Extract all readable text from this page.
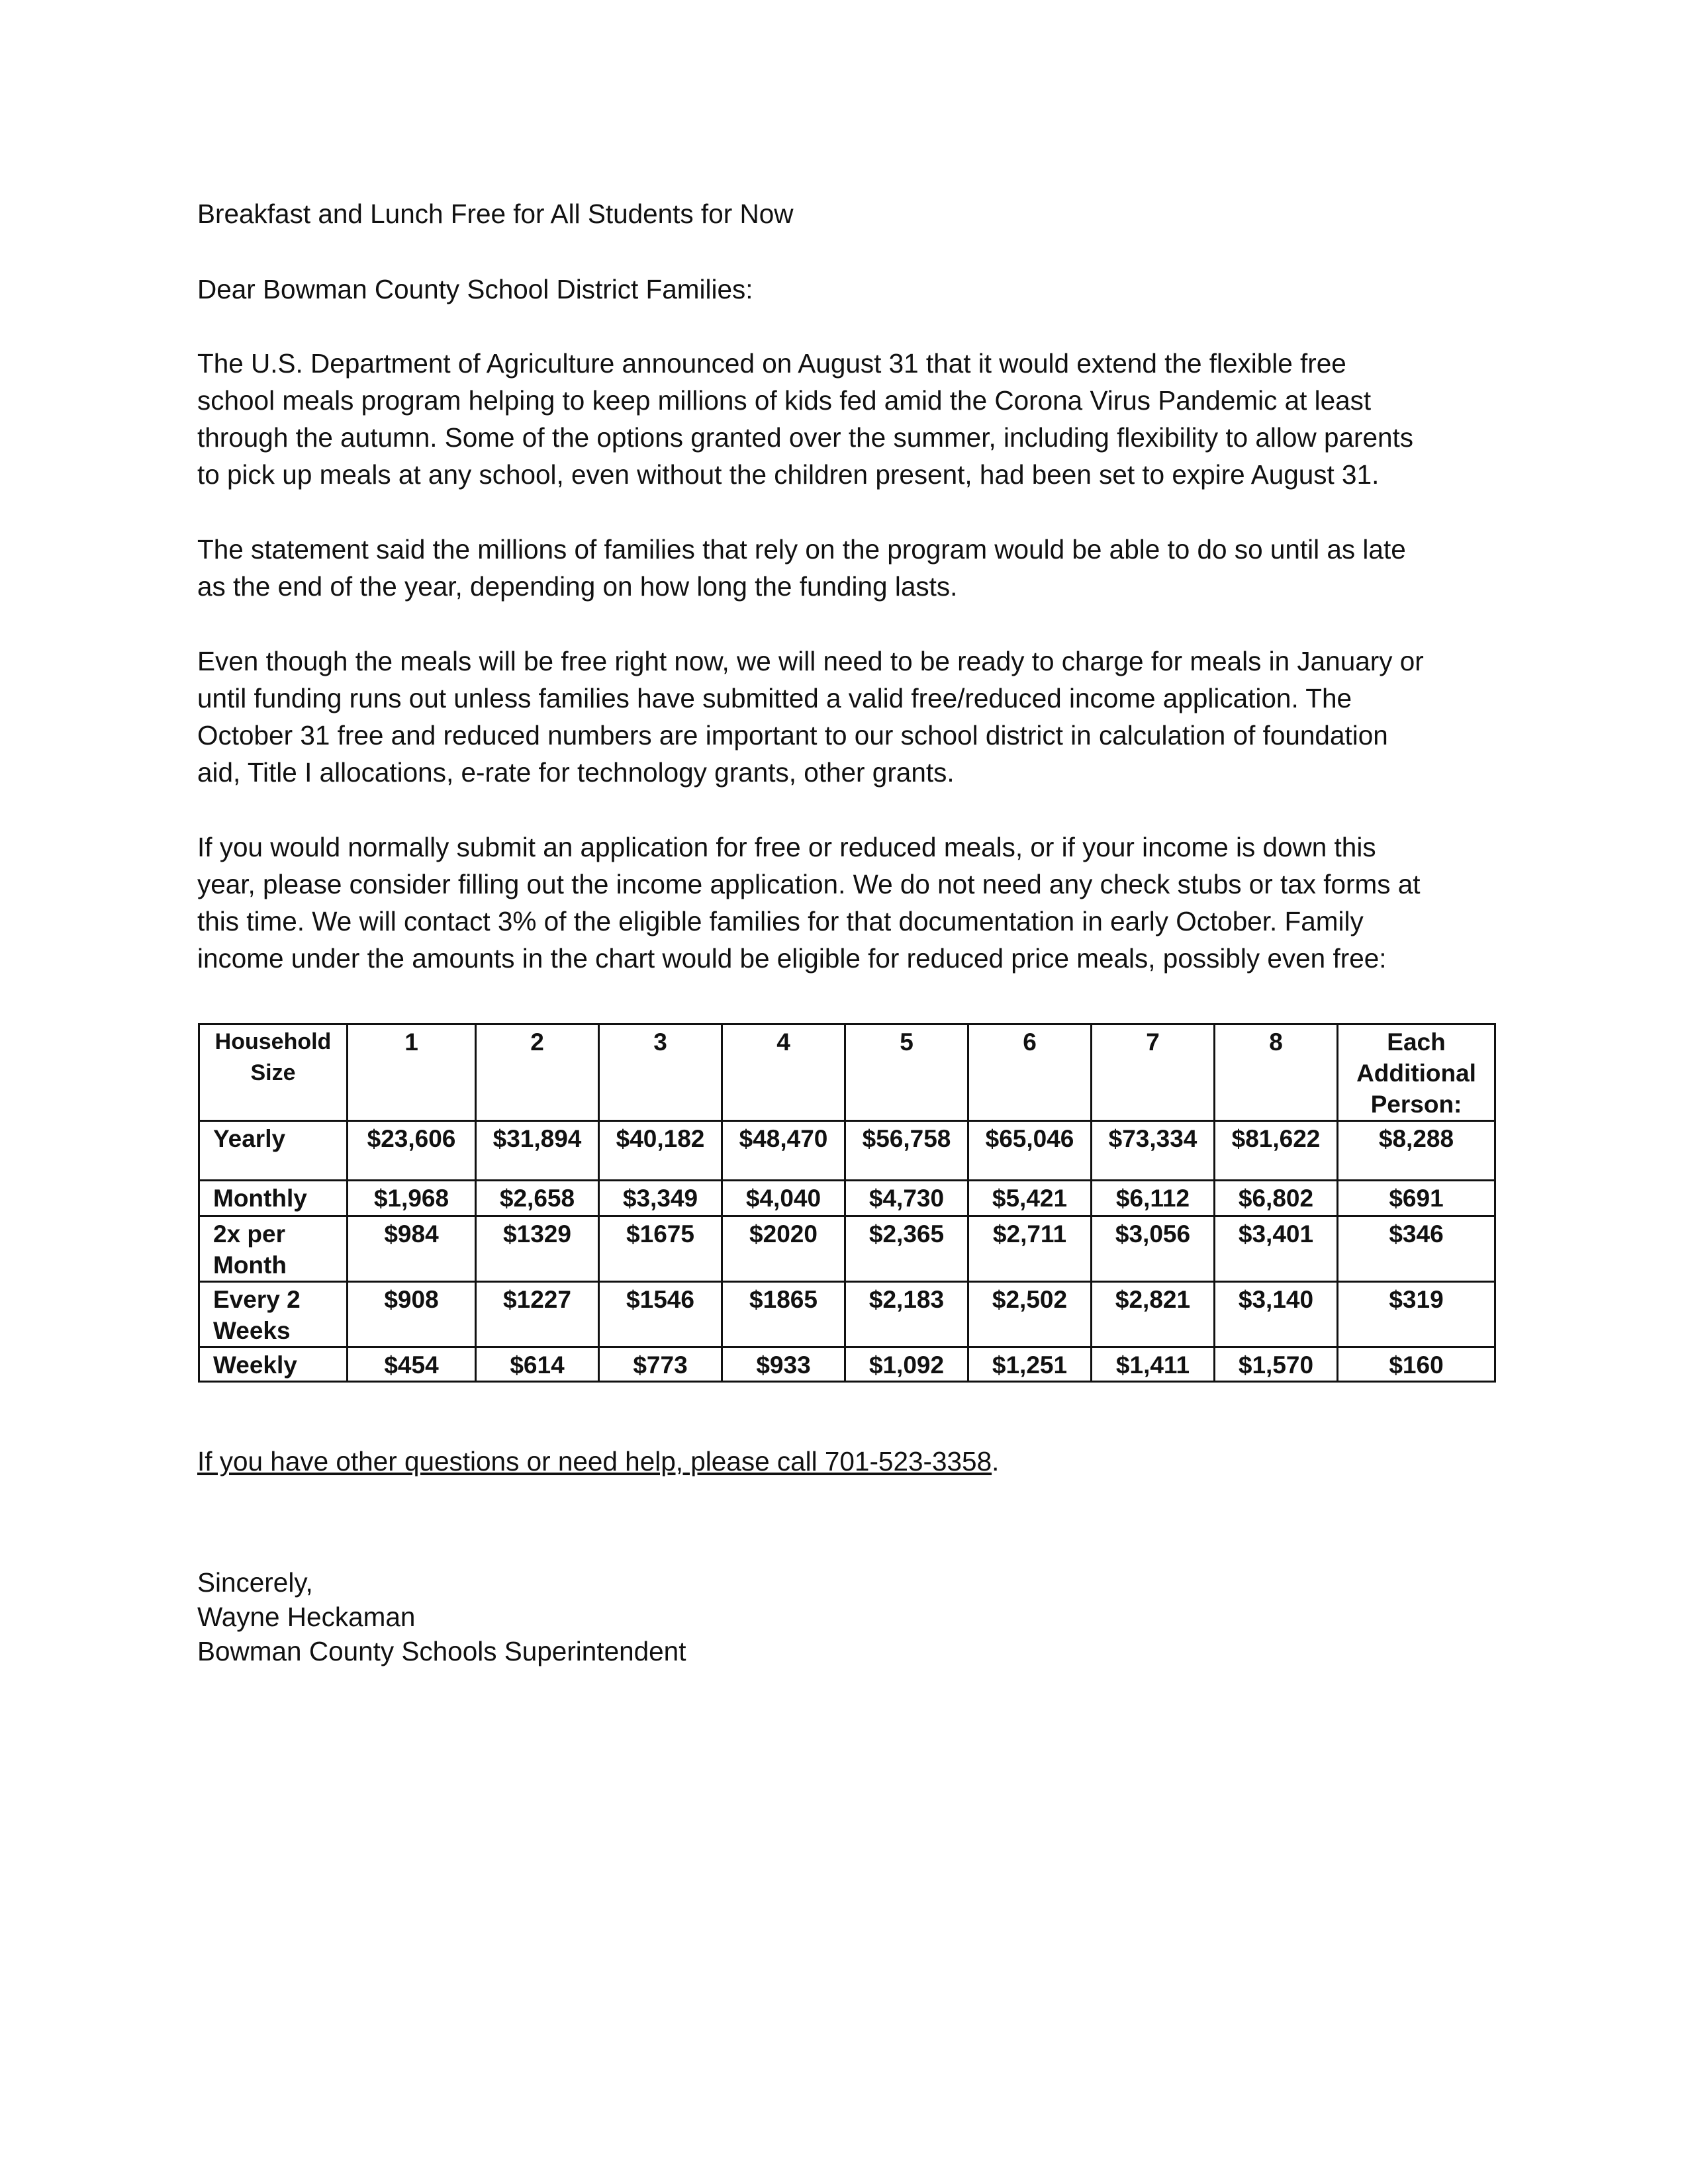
Breakfast and Lunch Free for All Students for Now

Dear Bowman County School District Families:

The U.S. Department of Agriculture announced on August 31 that it would extend the flexible free
school meals program helping to keep millions of kids fed amid the Corona Virus Pandemic at least
through the autumn. Some of the options granted over the summer, including flexibility to allow parents
to pick up meals at any school, even without the children present, had been set to expire August 31.
The statement said the millions of families that rely on the program would be able to do so until as late
as the end of the year, depending on how long the funding lasts.
Even though the meals will be free right now, we will need to be ready to charge for meals in January or
until funding runs out unless families have submitted a valid free/reduced income application. The
October 31 free and reduced numbers are important to our school district in calculation of foundation
aid, Title I allocations, e-rate for technology grants, other grants.
If you would normally submit an application for free or reduced meals, or if your income is down this
year, please consider filling out the income application. We do not need any check stubs or tax forms at
this time. We will contact 3% of the eligible families for that documentation in early October. Family
income under the amounts in the chart would be eligible for reduced price meals, possibly even free:
Household Size	1	2	3	4	5	6	7	8	Each Additional Person:
Yearly	$23,606	$31,894	$40,182	$48,470	$56,758	$65,046	$73,334	$81,622	$8,288
Monthly	$1,968	$2,658	$3,349	$4,040	$4,730	$5,421	$6,112	$6,802	$691
2x per Month	$984	$1329	$1675	$2020	$2,365	$2,711	$3,056	$3,401	$346
Every 2 Weeks	$908	$1227	$1546	$1865	$2,183	$2,502	$2,821	$3,140	$319
Weekly	$454	$614	$773	$933	$1,092	$1,251	$1,411	$1,570	$160
If you have other questions or need help, please call 701-523-3358.
Sincerely,
Wayne Heckaman
Bowman County Schools Superintendent
